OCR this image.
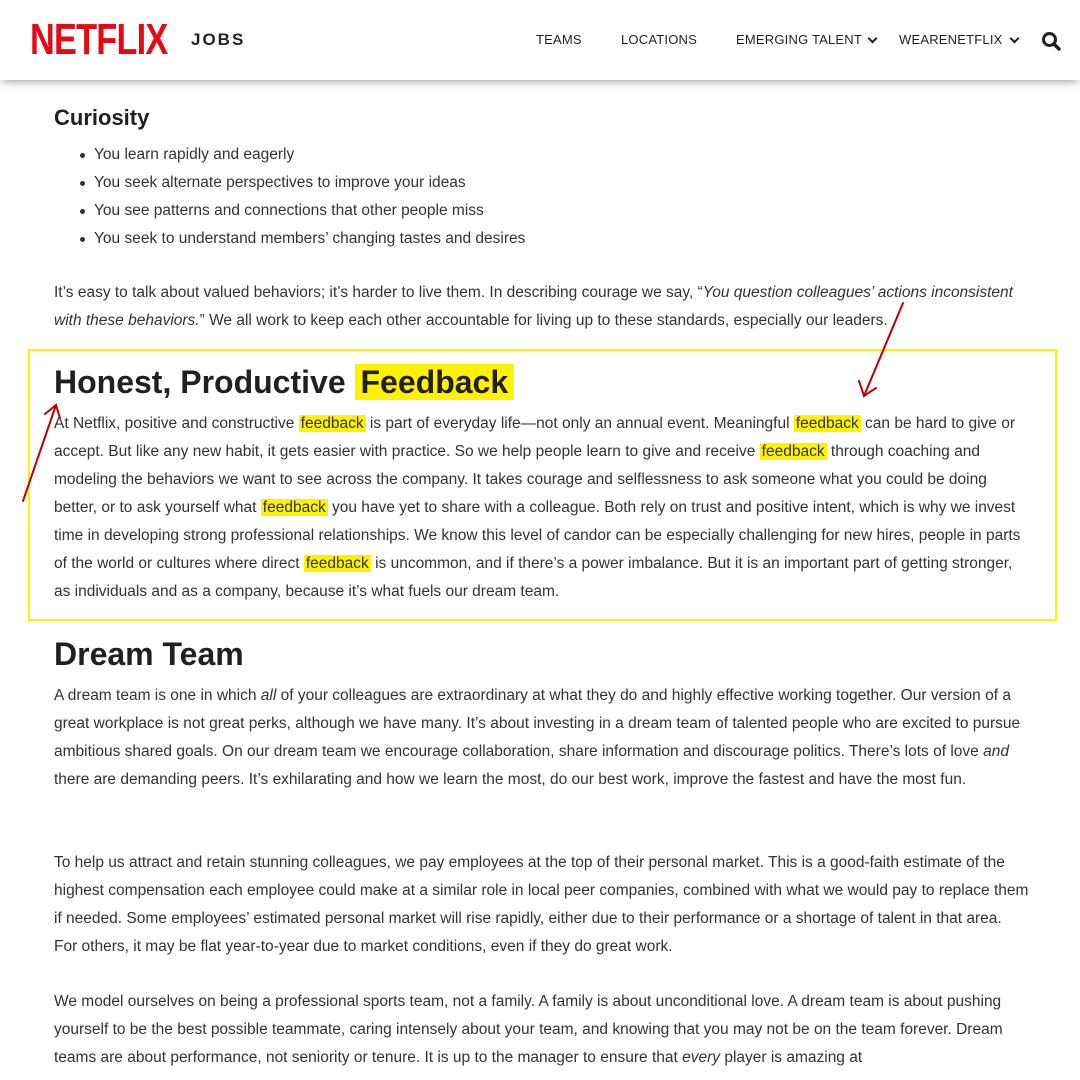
NETFLIX JOBS	TEAMS	LOCATIONS	EMERGING TALENT	WEARENETFLIX
Curiosity
You learn rapidly and eagerly
You seek alternate perspectives to improve your ideas
You see patterns and connections that other people miss
You seek to understand members’ changing tastes and desires

It’s easy to talk about valued behaviors; it’s harder to live them. In describing courage we say, “You question colleagues’ actions inconsistent with these behaviors.” We all work to keep each other accountable for living up to these standards, especially our leaders.

Honest, Productive Feedback

At Netflix, positive and constructive feedback is part of everyday life—not only an annual event. Meaningful feedback can be hard to give or accept. But like any new habit, it gets easier with practice. So we help people learn to give and receive feedback through coaching and modeling the behaviors we want to see across the company. It takes courage and selflessness to ask someone what you could be doing better, or to ask yourself what feedback you have yet to share with a colleague. Both rely on trust and positive intent, which is why we invest time in developing strong professional relationships. We know this level of candor can be especially challenging for new hires, people in parts of the world or cultures where direct feedback is uncommon, and if there’s a power imbalance. But it is an important part of getting stronger, as individuals and as a company, because it’s what fuels our dream team.

Dream Team

A dream team is one in which all of your colleagues are extraordinary at what they do and highly effective working together. Our version of a great workplace is not great perks, although we have many. It’s about investing in a dream team of talented people who are excited to pursue ambitious shared goals. On our dream team we encourage collaboration, share information and discourage politics. There’s lots of love and there are demanding peers. It’s exhilarating and how we learn the most, do our best work, improve the fastest and have the most fun.

To help us attract and retain stunning colleagues, we pay employees at the top of their personal market. This is a good-faith estimate of the highest compensation each employee could make at a similar role in local peer companies, combined with what we would pay to replace them if needed. Some employees’ estimated personal market will rise rapidly, either due to their performance or a shortage of talent in that area. For others, it may be flat year-to-year due to market conditions, even if they do great work.

We model ourselves on being a professional sports team, not a family. A family is about unconditional love. A dream team is about pushing yourself to be the best possible teammate, caring intensely about your team, and knowing that you may not be on the team forever. Dream teams are about performance, not seniority or tenure. It is up to the manager to ensure that every player is amazing at
